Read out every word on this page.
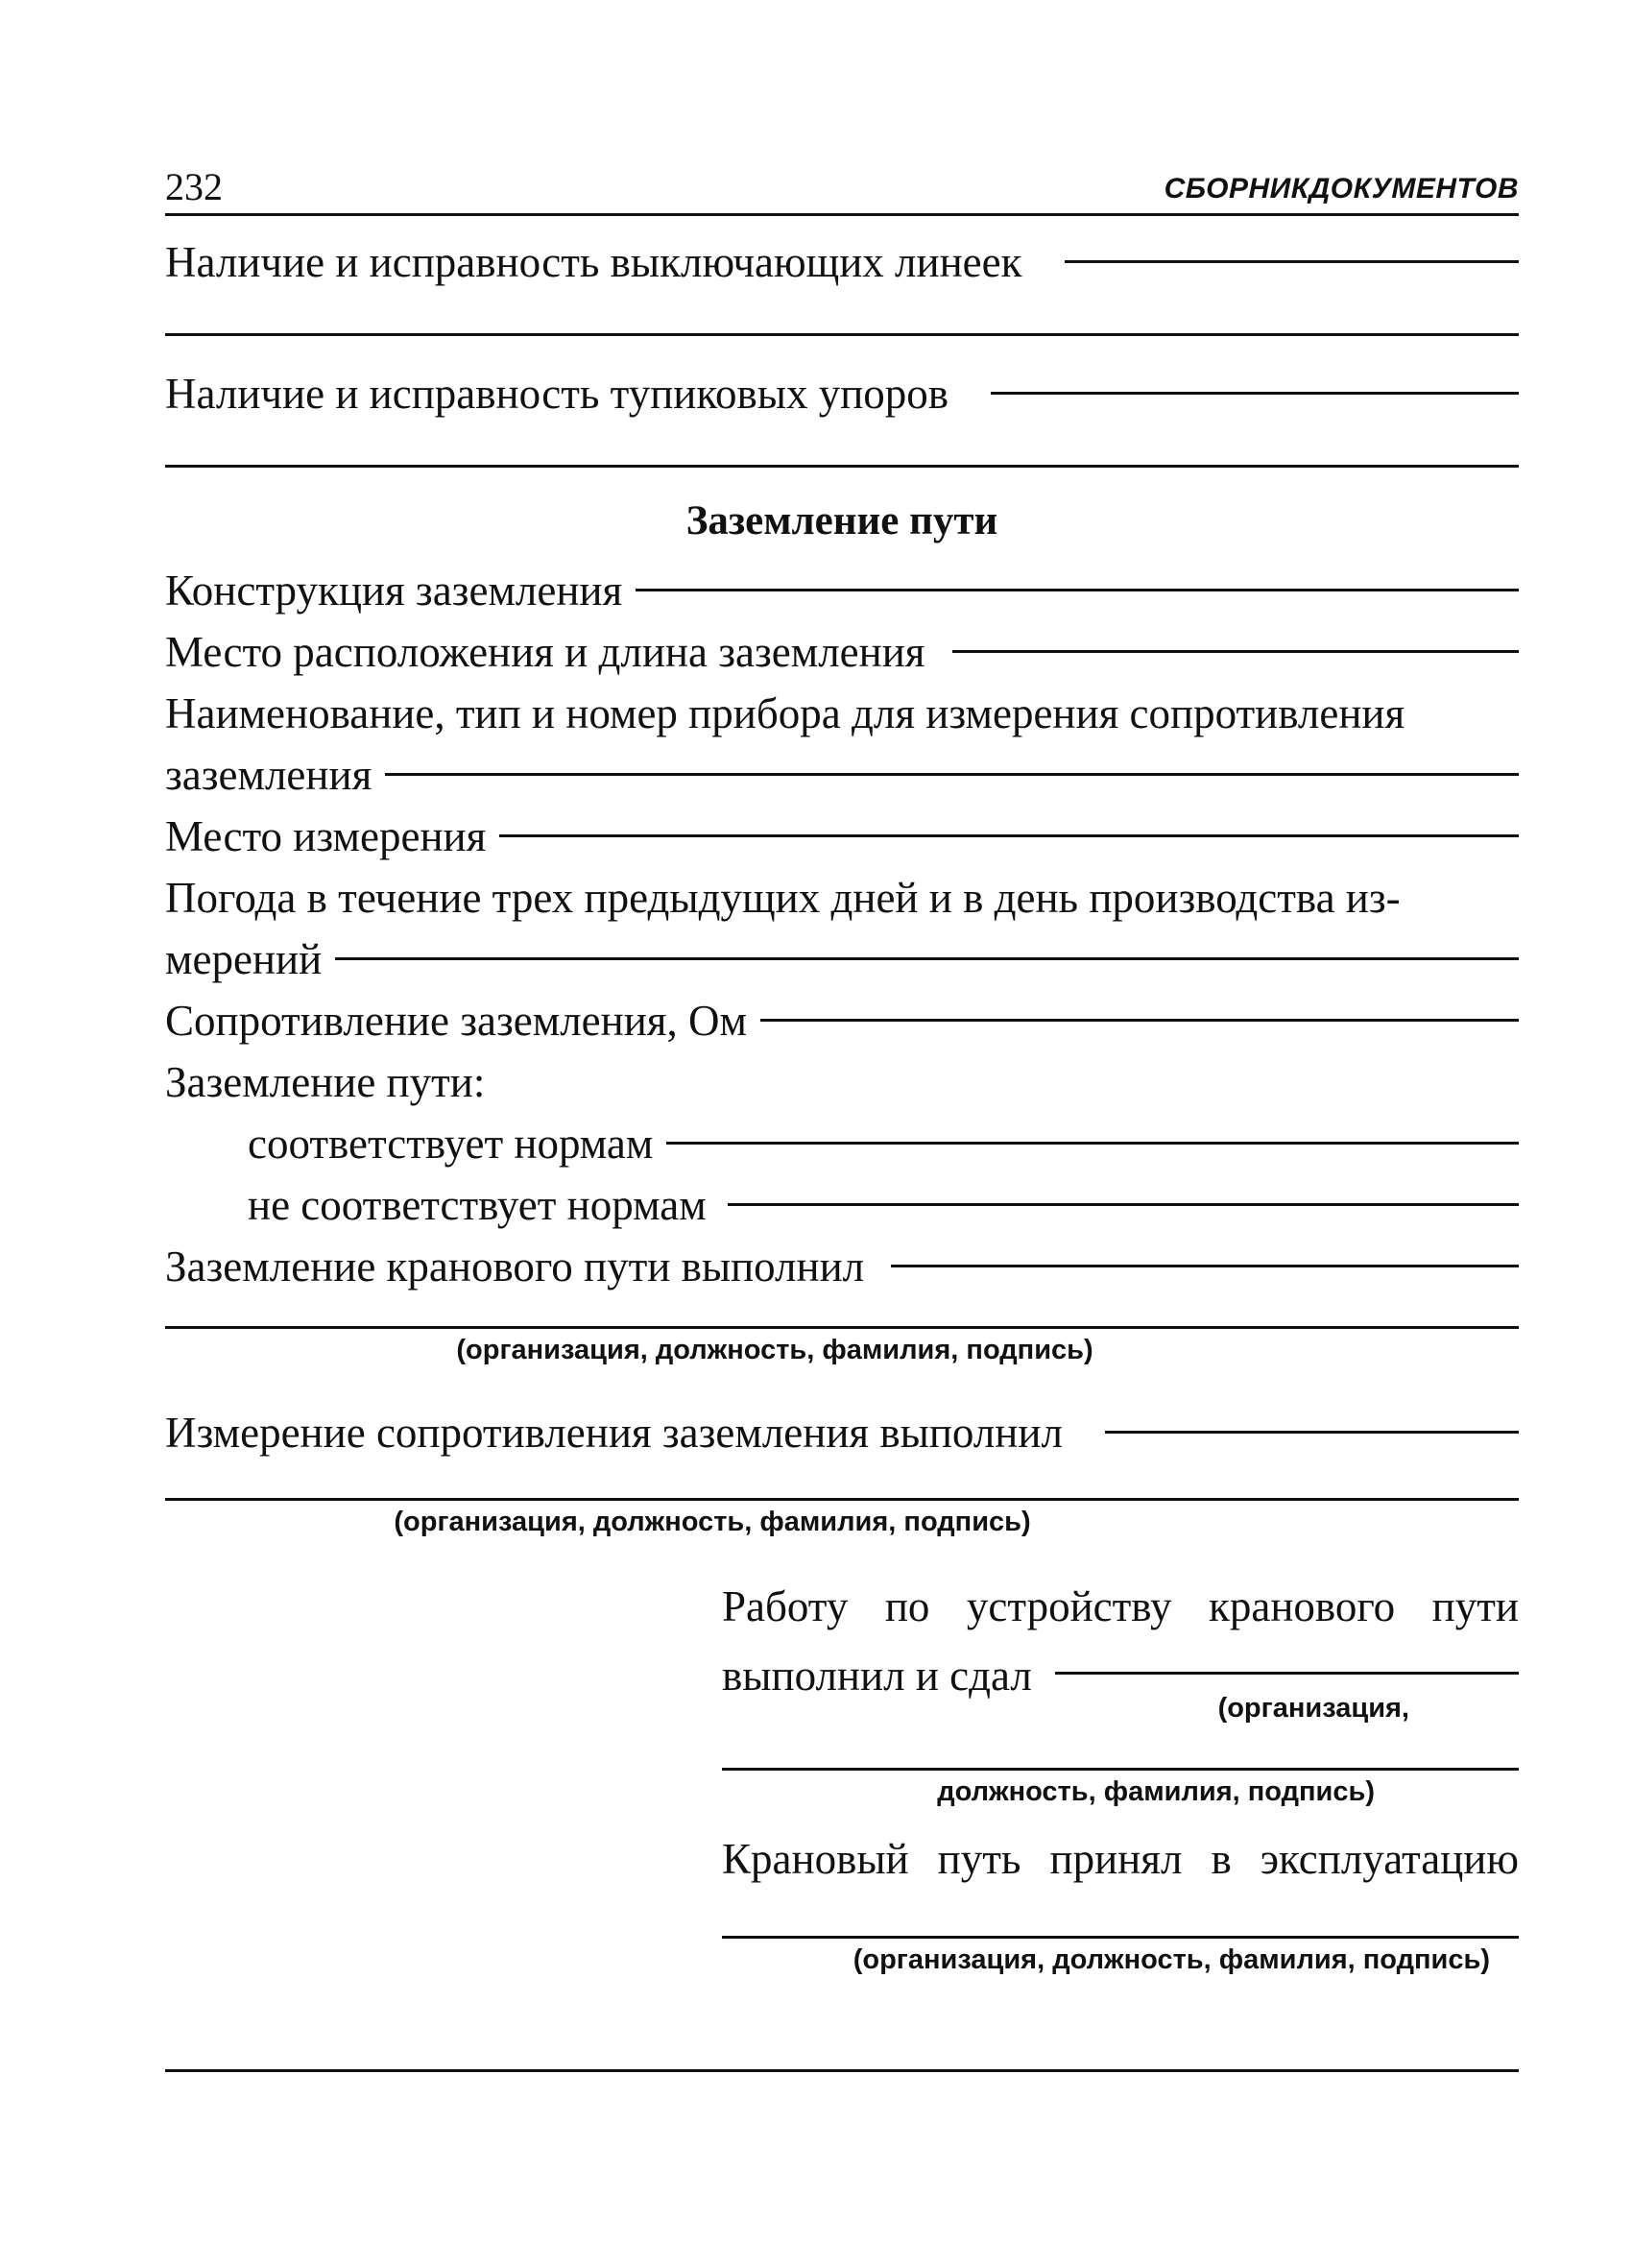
232	СБОРНИКДОКУМЕНТОВ
Наличие и исправность выключающих линеек
Наличие и исправность тупиковых упоров
Заземление пути
Конструкция заземления
Место расположения и длина заземления
Наименование, тип и номер прибора для измерения сопротивления
заземления
Место измерения
Погода в течение трех предыдущих дней и в день производства из-
мерений
Сопротивление заземления, Ом
Заземление пути:
соответствует нормам
не соответствует нормам
Заземление кранового пути выполнил
(организация, должность, фамилия, подпись)
Измерение сопротивления заземления выполнил
(организация, должность, фамилия, подпись)
Работу по устройству кранового пути
выполнил и сдал
(организация,
должность, фамилия, подпись)
Крановый путь принял в эксплуатацию
(организация, должность, фамилия, подпись)
